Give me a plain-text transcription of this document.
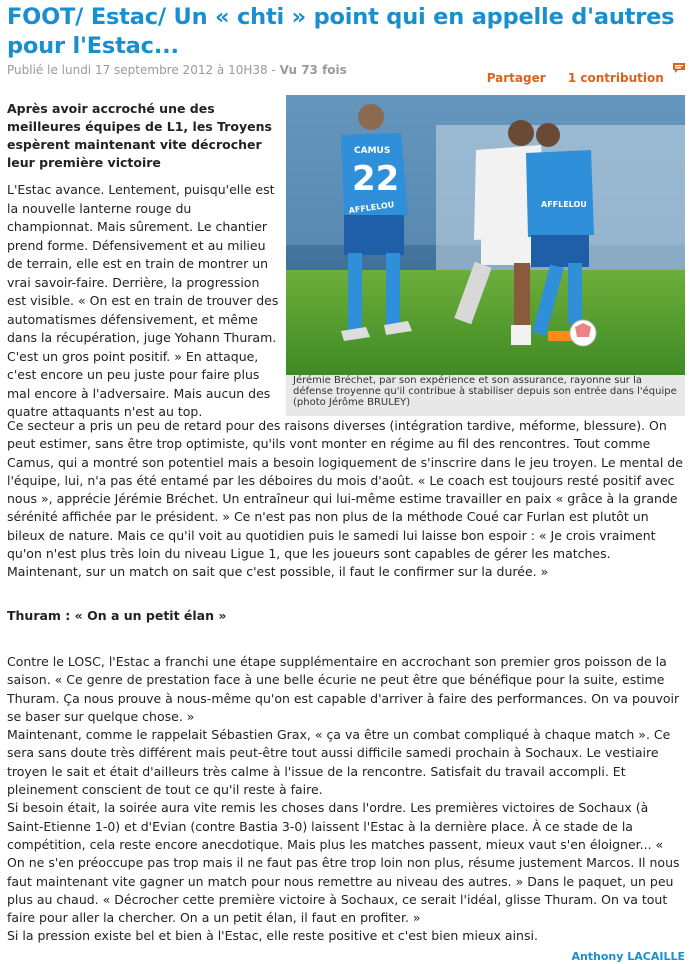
FOOT/ Estac/ Un « chti » point qui en appelle d'autres pour l'Estac...
Publié le lundi 17 septembre 2012 à 10H38 - Vu 73 fois
Partager 1 contribution
Après avoir accroché une des meilleures équipes de L1, les Troyens espèrent maintenant vite décrocher leur première victoire
L'Estac avance. Lentement, puisqu'elle est la nouvelle lanterne rouge du championnat. Mais sûrement. Le chantier prend forme. Défensivement et au milieu de terrain, elle est en train de montrer un vrai savoir-faire. Derrière, la progression est visible. « On est en train de trouver des automatismes défensivement, et même dans la récupération, juge Yohann Thuram. C'est un gros point positif. » En attaque, c'est encore un peu juste pour faire plus mal encore à l'adversaire. Mais aucun des quatre attaquants n'est au top.
CAMUS
22
AFFLELOU	AFFLELOU
Jérémie Bréchet, par son expérience et son assurance, rayonne sur la défense troyenne qu'il contribue à stabiliser depuis son entrée dans l'équipe (photo Jérôme BRULEY)
Ce secteur a pris un peu de retard pour des raisons diverses (intégration tardive, méforme, blessure). On peut estimer, sans être trop optimiste, qu'ils vont monter en régime au fil des rencontres. Tout comme Camus, qui a montré son potentiel mais a besoin logiquement de s'inscrire dans le jeu troyen. Le mental de l'équipe, lui, n'a pas été entamé par les déboires du mois d'août. « Le coach est toujours resté positif avec nous », apprécie Jérémie Bréchet. Un entraîneur qui lui-même estime travailler en paix « grâce à la grande sérénité affichée par le président. » Ce n'est pas non plus de la méthode Coué car Furlan est plutôt un bileux de nature. Mais ce qu'il voit au quotidien puis le samedi lui laisse bon espoir : « Je crois vraiment qu'on n'est plus très loin du niveau Ligue 1, que les joueurs sont capables de gérer les matches. Maintenant, sur un match on sait que c'est possible, il faut le confirmer sur la durée. »
Thuram : « On a un petit élan »

Contre le LOSC, l'Estac a franchi une étape supplémentaire en accrochant son premier gros poisson de la saison. « Ce genre de prestation face à une belle écurie ne peut être que bénéfique pour la suite, estime Thuram. Ça nous prouve à nous-même qu'on est capable d'arriver à faire des performances. On va pouvoir se baser sur quelque chose. »

Maintenant, comme le rappelait Sébastien Grax, « ça va être un combat compliqué à chaque match ». Ce sera sans doute très différent mais peut-être tout aussi difficile samedi prochain à Sochaux. Le vestiaire troyen le sait et était d'ailleurs très calme à l'issue de la rencontre. Satisfait du travail accompli. Et pleinement conscient de tout ce qu'il reste à faire.

Si besoin était, la soirée aura vite remis les choses dans l'ordre. Les premières victoires de Sochaux (à Saint-Etienne 1-0) et d'Evian (contre Bastia 3-0) laissent l'Estac à la dernière place. À ce stade de la compétition, cela reste encore anecdotique. Mais plus les matches passent, mieux vaut s'en éloigner... « On ne s'en préoccupe pas trop mais il ne faut pas être trop loin non plus, résume justement Marcos. Il nous faut maintenant vite gagner un match pour nous remettre au niveau des autres. » Dans le paquet, un peu plus au chaud. « Décrocher cette première victoire à Sochaux, ce serait l'idéal, glisse Thuram. On va tout faire pour aller la chercher. On a un petit élan, il faut en profiter. »

Si la pression existe bel et bien à l'Estac, elle reste positive et c'est bien mieux ainsi.

Anthony LACAILLE
